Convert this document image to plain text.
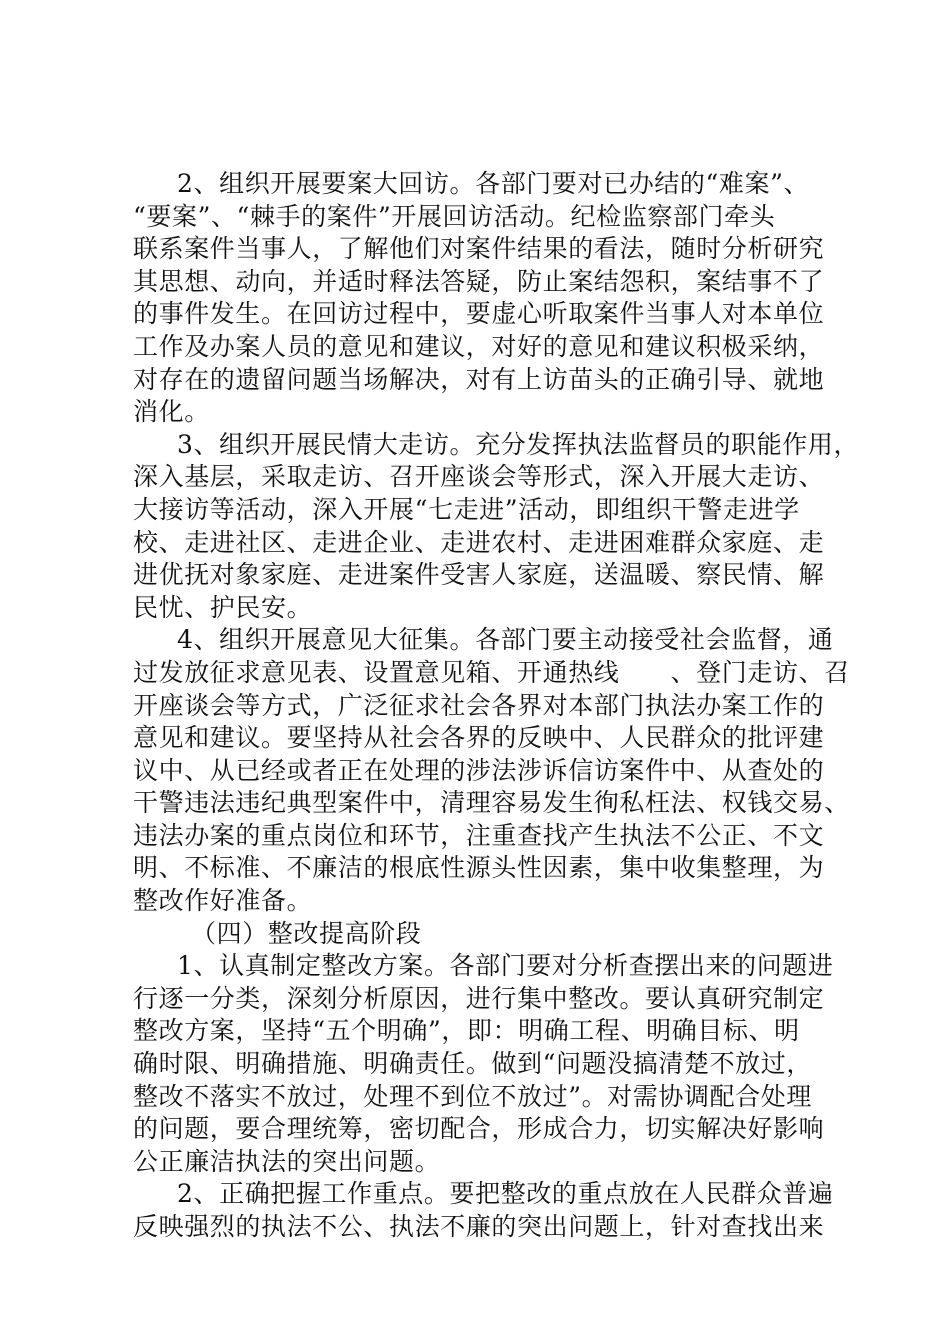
2、组织开展要案大回访。各部门要对已办结的“难案”、
“要案”、“棘手的案件”开展回访活动。纪检监察部门牵头
联系案件当事人，了解他们对案件结果的看法，随时分析研究
其思想、动向，并适时释法答疑，防止案结怨积，案结事不了
的事件发生。在回访过程中，要虚心听取案件当事人对本单位
工作及办案人员的意见和建议，对好的意见和建议积极采纳，
对存在的遗留问题当场解决，对有上访苗头的正确引导、就地
消化。
3、组织开展民情大走访。充分发挥执法监督员的职能作用，
深入基层，采取走访、召开座谈会等形式，深入开展大走访、
大接访等活动，深入开展“七走进”活动，即组织干警走进学
校、走进社区、走进企业、走进农村、走进困难群众家庭、走
进优抚对象家庭、走进案件受害人家庭，送温暖、察民情、解
民忧、护民安。
4、组织开展意见大征集。各部门要主动接受社会监督，通
过发放征求意见表、设置意见箱、开通热线　　、登门走访、召
开座谈会等方式，广泛征求社会各界对本部门执法办案工作的
意见和建议。要坚持从社会各界的反映中、人民群众的批评建
议中、从已经或者正在处理的涉法涉诉信访案件中、从查处的
干警违法违纪典型案件中，清理容易发生徇私枉法、权钱交易、
违法办案的重点岗位和环节，注重查找产生执法不公正、不文
明、不标准、不廉洁的根底性源头性因素，集中收集整理，为
整改作好准备。
（四）整改提高阶段
1、认真制定整改方案。各部门要对分析查摆出来的问题进
行逐一分类，深刻分析原因，进行集中整改。要认真研究制定
整改方案，坚持“五个明确”，即：明确工程、明确目标、明
确时限、明确措施、明确责任。做到“问题没搞清楚不放过，
整改不落实不放过，处理不到位不放过”。对需协调配合处理
的问题，要合理统筹，密切配合，形成合力，切实解决好影响
公正廉洁执法的突出问题。
2、正确把握工作重点。要把整改的重点放在人民群众普遍
反映强烈的执法不公、执法不廉的突出问题上，针对查找出来
